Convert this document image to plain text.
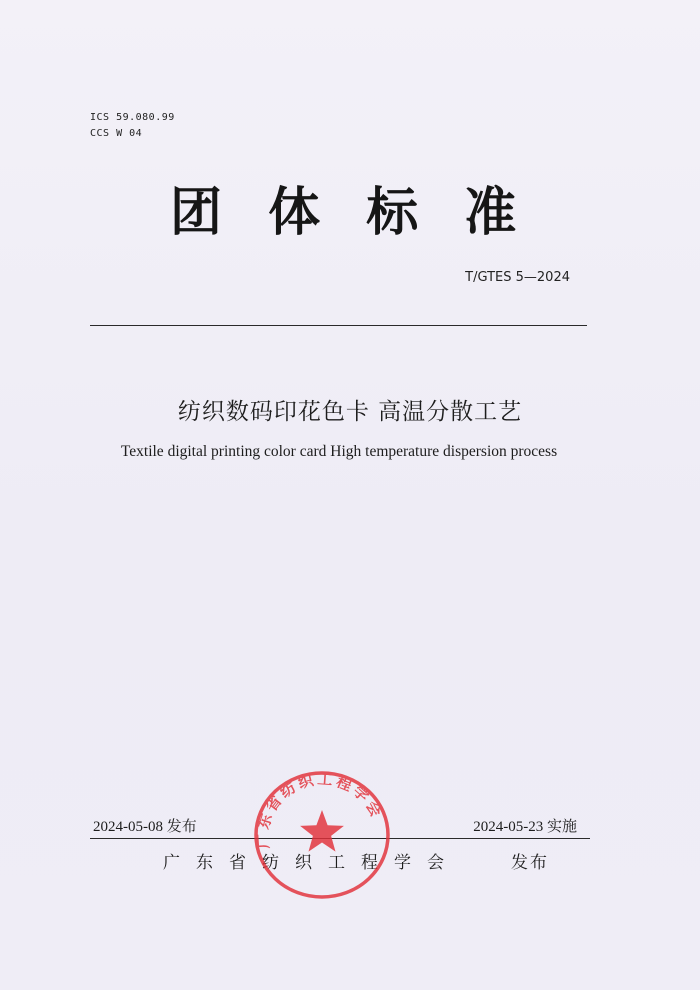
ICS 59.080.99
CCS W 04
团 体 标 准
T/GTES 5—2024
纺织数码印花色卡 高温分散工艺
Textile digital printing color card High temperature dispersion process
2024-05-08 发布	2024-05-23 实施
广东省纺织工程学会	发布
广东省纺织工程学会
